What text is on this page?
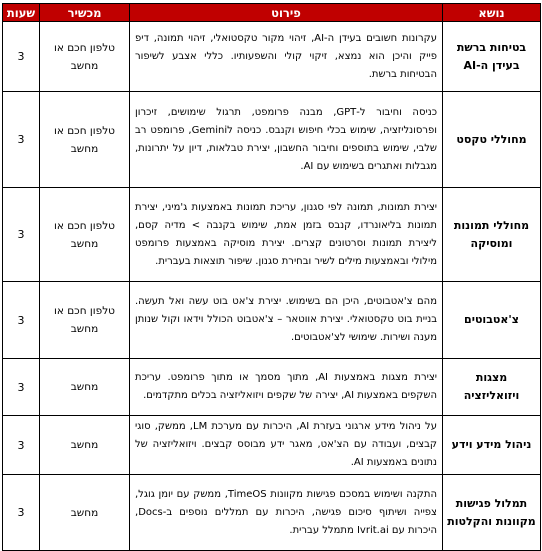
נושא	פירוט	מכשיר	שעות
בטיחות ברשת בעידן ה-AI	עקרונות חשובים בעידן ה-AI, זיהוי מקור טקסטואלי, זיהוי תמונה, דיפ פייק והיכן הוא נמצא, זיקוי קולי והשפעותיו. כללי אצבע לשיפור הבטיחות ברשת.	טלפון חכם או מחשב	3
מחוללי טקסט	כניסה וחיבור ל-GPT, מבנה פרומפט, תרגול שימושים, זיכרון ופרסונליזציה, שימוש בכלי חיפוש וקנבס. כניסה לGemini, פרומפט רב שלבי, שימוש בתוספים וחיבור החשבון, יצירת טבלאות, דיון על יתרונות, מגבלות ואתגרים בשימוש עם AI.	טלפון חכם או מחשב	3
מחוללי תמונות ומוסיקה	יצירת תמונות, תמונה לפי סגנון, עריכת תמונות באמצעות ג'מיני, יצירת תמונות בליאונרדו, קנבס בזמן אמת, שימוש בקנבה > מדיה קסם, ליצירת תמונות וסרטונים קצרים. יצירת מוסיקה באמצעות פרומפט מילולי ובאמצעות מילים לשיר ובחירת סגנון. שיפור תוצאות בעברית.	טלפון חכם או מחשב	3
צ'אטבוטים	מהם צ'אטבוטים, היכן הם בשימוש. יצירת צ'אט בוט עשה ואל תעשה. בניית בוט טקסטואלי. יצירת אווטאר – צ'אטבוט הכולל וידאו וקול שנותן מענה ושירות. שימושי לצ'אטבוטים.	טלפון חכם או מחשב	3
מצגות ויזואליזציה	יצירת מצגות באמצעות AI, מתוך מסמך או מתוך פרומפט. עריכת השקפים באמצעות AI, יצירה של שקפים ויזואליזציה בכלים מתקדמים.	מחשב	3
ניהול מידע וידע	על ניהול מידע ארגוני בעזרת AI, היכרות עם מערכת LM, ממשק, סוגי קבצים, ועבודה עם הצ'אט, מאגר ידע מבוסס קבצים. ויזואליזציה של נתונים באמצעות AI.	מחשב	3
תמלול פגישות מקוונות והקלטות	התקנה ושימוש במסכם פגישות מקוונות TimeOS, ממשק עם יומן גוגל, צפייה ושיתוף סיכום פגישה, היכרות עם תמללים נוספים ב-Docs, היכרות עם Ivrit.ai מתמלל עברית.	מחשב	3
